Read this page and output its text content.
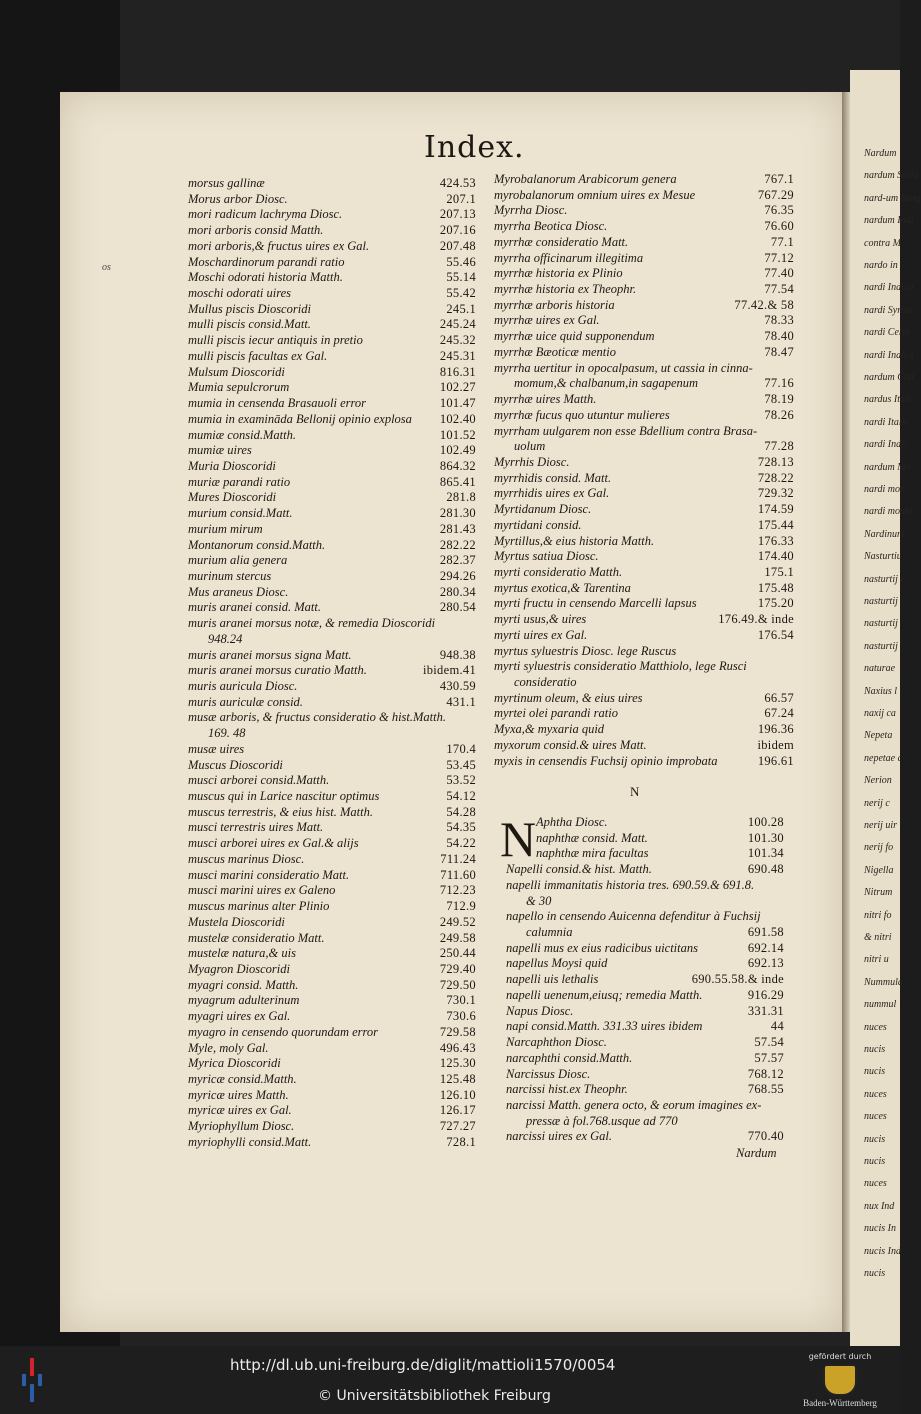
Nardum
nardum Syria
nard-um Sang
nardum Indi
contra M
nardo in
nardi Indica
nardi Syriae
nardi Celtic
nardi Indica
nardum Celt
nardus Itali
nardi Italic
nardi Indic
nardum Mo
nardi mon
nardi monta
Nardinum
Nasturtiu
nasturtij c
nasturtij
nasturtij
nasturtij
naturae
Naxius l
naxij ca
Nepeta
nepetae c
Nerion
nerij c
nerij uir
nerij fo
Nigella
Nitrum
nitri fo
& nitri
nitri u
Nummula
nummul
nuces
nucis
nucis
nuces
nuces
nucis
nucis
nuces
nux Ind
nucis In
nucis Ind
nucis
Index.
os
morsus gallinæ	424.53
Morus arbor Diosc.	207.1
mori radicum lachryma Diosc.	207.13
mori arboris consid Matth.	207.16
mori arboris,& fructus uires ex Gal.	207.48
Moschardinorum parandi ratio	55.46
Moschi odorati historia Matth.	55.14
moschi odorati uires	55.42
Mullus piscis Dioscoridi	245.1
mulli piscis consid.Matt.	245.24
mulli piscis iecur antiquis in pretio	245.32
mulli piscis facultas ex Gal.	245.31
Mulsum Dioscoridi	816.31
Mumia sepulcrorum	102.27
mumia in censenda Brasauoli error	101.47
mumia in examināda Bellonij opinio explosa 102.40
mumiæ consid.Matth.	101.52
mumiæ uires	102.49
Muria Dioscoridi	864.32
muriæ parandi ratio	865.41
Mures Dioscoridi	281.8
murium consid.Matt.	281.30
murium mirum	281.43
Montanorum consid.Matth.	282.22
murium alia genera	282.37
murinum stercus	294.26
Mus araneus Diosc.	280.34
muris aranei consid. Matt.	280.54
muris aranei morsus notæ, & remedia Dioscoridi
948.24
muris aranei morsus signa Matt.	948.38
muris aranei morsus curatio Matth.	ibidem.41
muris auricula Diosc.	430.59
muris auriculæ consid.	431.1
musæ arboris, & fructus consideratio & hist.Matth.
169. 48
musæ uires	170.4
Muscus Dioscoridi	53.45
musci arborei consid.Matth.	53.52
muscus qui in Larice nascitur optimus	54.12
muscus terrestris, & eius hist. Matth.	54.28
musci terrestris uires Matt.	54.35
musci arborei uires ex Gal.& alijs	54.22
muscus marinus Diosc.	711.24
musci marini consideratio Matt.	711.60
musci marini uires ex Galeno	712.23
muscus marinus alter Plinio	712.9
Mustela Dioscoridi	249.52
mustelæ consideratio Matt.	249.58
mustelæ natura,& uis	250.44
Myagron Dioscoridi	729.40
myagri consid. Matth.	729.50
myagrum adulterinum	730.1
myagri uires ex Gal.	730.6
myagro in censendo quorundam error	729.58
Myle, moly Gal.	496.43
Myrica Dioscoridi	125.30
myricæ consid.Matth.	125.48
myricæ uires Matth.	126.10
myricæ uires ex Gal.	126.17
Myriophyllum Diosc.	727.27
myriophylli consid.Matt.	728.1
Myrobalanorum Arabicorum genera	767.1
myrobalanorum omnium uires ex Mesue	767.29
Myrrha Diosc.	76.35
myrrha Beotica Diosc.	76.60
myrrhæ consideratio Matt.	77.1
myrrha officinarum illegitima	77.12
myrrhæ historia ex Plinio	77.40
myrrhæ historia ex Theophr.	77.54
myrrhæ arboris historia	77.42.& 58
myrrhæ uires ex Gal.	78.33
myrrhæ uice quid supponendum	78.40
myrrhæ Bæoticæ mentio	78.47
myrrha uertitur in opocalpasum, ut cassia in cinna-
momum,& chalbanum,in sagapenum	77.16
myrrhæ uires Matth.	78.19
myrrhæ fucus quo utuntur mulieres	78.26
myrrham uulgarem non esse Bdellium contra Brasa-
uolum	77.28
Myrrhis Diosc.	728.13
myrrhidis consid. Matt.	728.22
myrrhidis uires ex Gal.	729.32
Myrtidanum Diosc.	174.59
myrtidani consid.	175.44
Myrtillus,& eius historia Matth.	176.33
Myrtus satiua Diosc.	174.40
myrti consideratio Matth.	175.1
myrtus exotica,& Tarentina	175.48
myrti fructu in censendo Marcelli lapsus	175.20
myrti usus,& uires	176.49.& inde
myrti uires ex Gal.	176.54
myrtus syluestris Diosc. lege Ruscus
myrti syluestris consideratio Matthiolo, lege Rusci
consideratio
myrtinum oleum, & eius uires	66.57
myrtei olei parandi ratio	67.24
Myxa,& myxaria quid	196.36
myxorum consid.& uires Matt.	ibidem
myxis in censendis Fuchsij opinio improbata	196.61
N
N Aphtha Diosc.	100.28
naphthæ consid. Matt.	101.30
naphthæ mira facultas	101.34
Napelli consid.& hist. Matth.	690.48
napelli immanitatis historia tres. 690.59.& 691.8.
& 30
napello in censendo Auicenna defenditur à Fuchsij
calumnia	691.58
napelli mus ex eius radicibus uictitans	692.14
napellus Moysi quid	692.13
napelli uis lethalis	690.55.58.& inde
napelli uenenum,eiusq; remedia Matth.	916.29
Napus Diosc.	331.31
napi consid.Matth. 331.33 uires ibidem	44
Narcaphthon Diosc.	57.54
narcaphthi consid.Matth.	57.57
Narcissus Diosc.	768.12
narcissi hist.ex Theophr.	768.55
narcissi Matth. genera octo, & eorum imagines ex-
pressæ à fol.768.usque ad 770
narcissi uires ex Gal.	770.40
Nardum
http://dl.ub.uni-freiburg.de/diglit/mattioli1570/0054
© Universitätsbibliothek Freiburg
gefördert durch
Baden-Württemberg
